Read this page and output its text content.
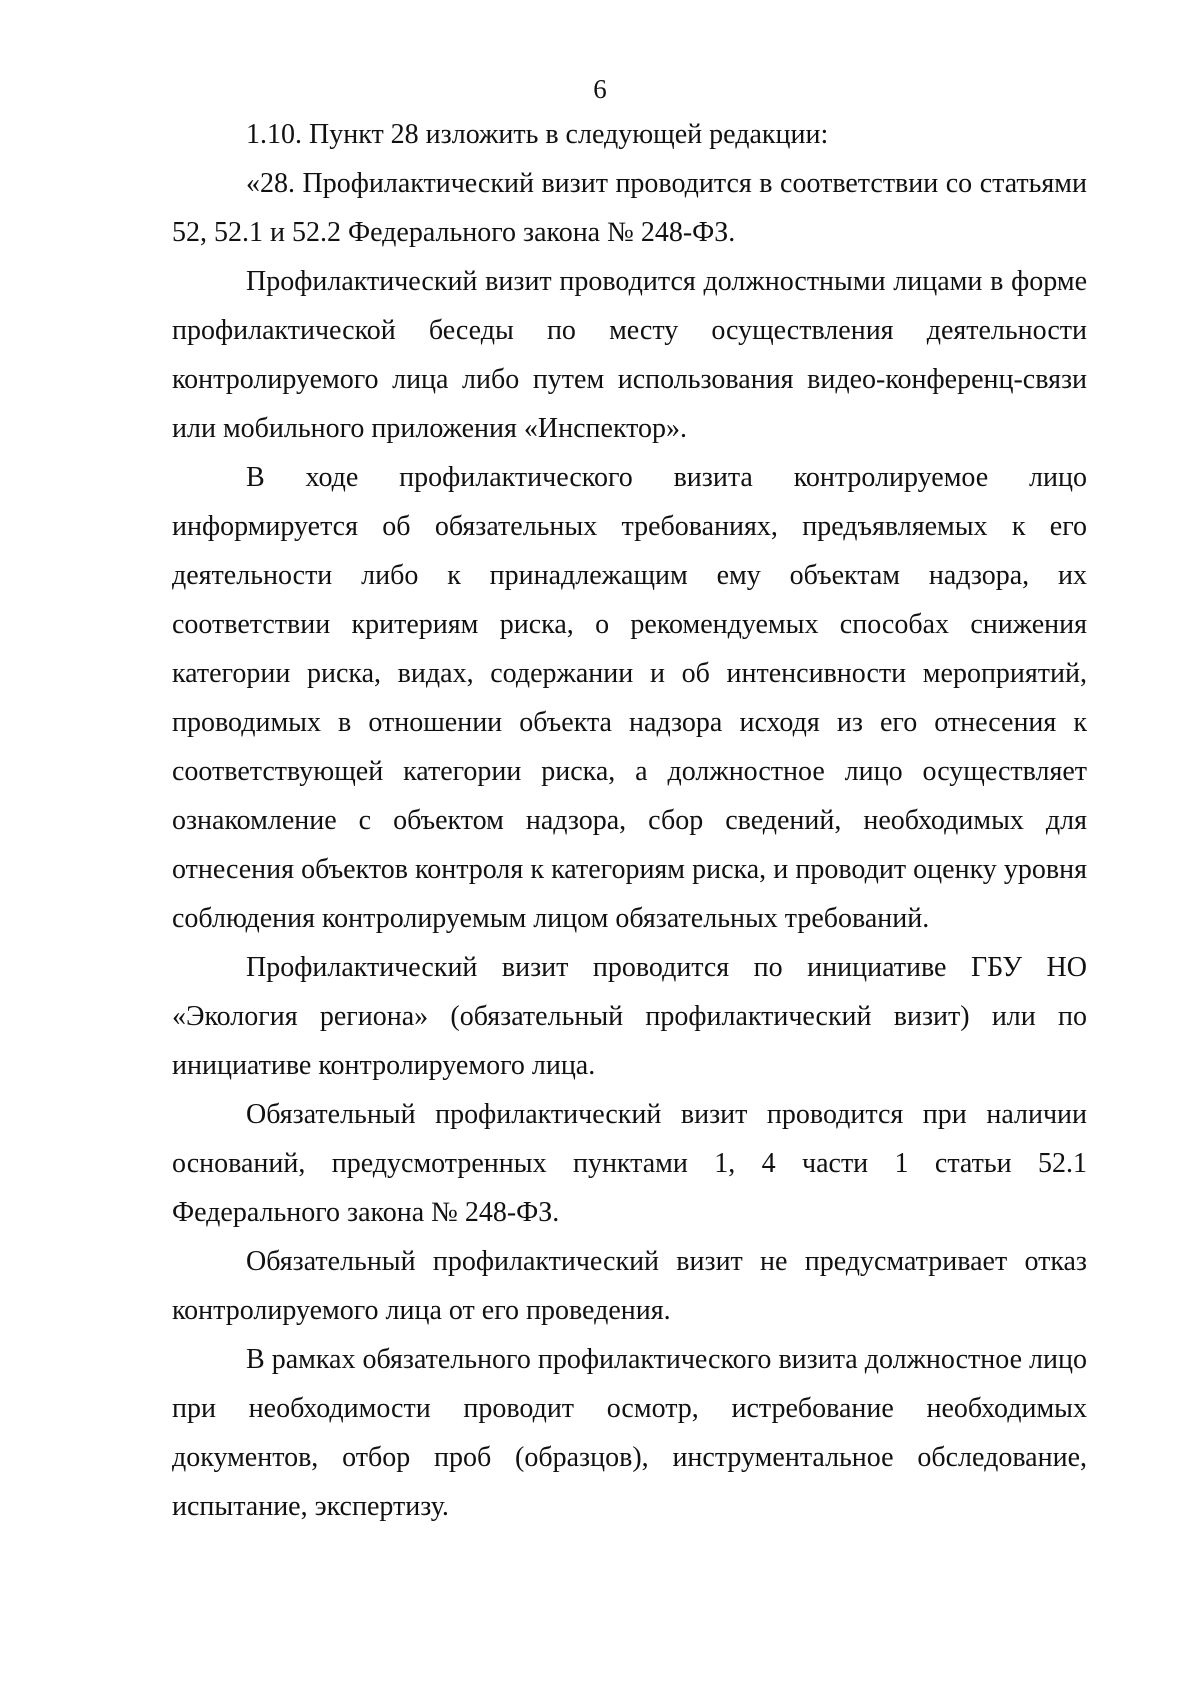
6

1.10. Пункт 28 изложить в следующей редакции:

«28. Профилактический визит проводится в соответствии со статьями 52, 52.1 и 52.2 Федерального закона № 248-ФЗ.

Профилактический визит проводится должностными лицами в форме профилактической беседы по месту осуществления деятельности контролируемого лица либо путем использования видео-конференц-связи или мобильного приложения «Инспектор».

В ходе профилактического визита контролируемое лицо информируется об обязательных требованиях, предъявляемых к его деятельности либо к принадлежащим ему объектам надзора, их соответствии критериям риска, о рекомендуемых способах снижения категории риска, видах, содержании и об интенсивности мероприятий, проводимых в отношении объекта надзора исходя из его отнесения к соответствующей категории риска, а должностное лицо осуществляет ознакомление с объектом надзора, сбор сведений, необходимых для отнесения объектов контроля к категориям риска, и проводит оценку уровня соблюдения контролируемым лицом обязательных требований.

Профилактический визит проводится по инициативе ГБУ НО «Экология региона» (обязательный профилактический визит) или по инициативе контролируемого лица.

Обязательный профилактический визит проводится при наличии оснований, предусмотренных пунктами 1, 4 части 1 статьи 52.1 Федерального закона № 248-ФЗ.

Обязательный профилактический визит не предусматривает отказ контролируемого лица от его проведения.

В рамках обязательного профилактического визита должностное лицо при необходимости проводит осмотр, истребование необходимых документов, отбор проб (образцов), инструментальное обследование, испытание, экспертизу.
